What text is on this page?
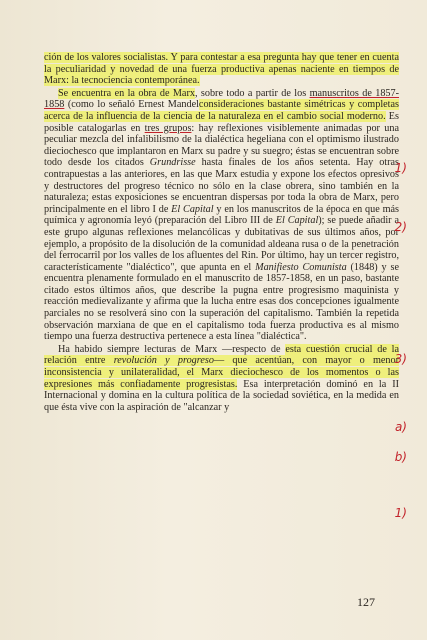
ción de los valores socialistas. Y para contestar a esa pregunta hay que tener en cuenta la peculiaridad y novedad de una fuerza productiva apenas naciente en tiempos de Marx: la tecnociencia contemporánea.

Se encuentra en la obra de Marx, sobre todo a partir de los manuscritos de 1857-1858 (como lo señaló Ernest Mandelconsideraciones bastante simétricas y completas acerca de la influencia de la ciencia de la naturaleza en el cambio social moderno. Es posible catalogarlas en tres grupos: hay reflexiones visiblemente animadas por una peculiar mezcla del infalibilismo de la dialéctica hegeliana con el optimismo ilustrado dieciochesco que implantaron en Marx su padre y su suegro; éstas se encuentran sobre todo desde los citados Grundrisse hasta finales de los años setenta. Hay otras contrapuestas a las anteriores, en las que Marx estudia y expone los efectos opresivos y destructores del progreso técnico no sólo en la clase obrera, sino también en la naturaleza; estas exposiciones se encuentran dispersas por toda la obra de Marx, pero principalmente en el libro I de El Capital y en los manuscritos de la época en que más química y agronomía leyó (preparación del Libro III de El Capital); se puede añadir a este grupo algunas reflexiones melancólicas y dubitativas de sus últimos años, por ejemplo, a propósito de la disolución de la comunidad aldeana rusa o de la penetración del ferrocarril por los valles de los afluentes del Rin. Por último, hay un tercer registro, característicamente "dialéctico", que apunta en el Manifiesto Comunista (1848) y se encuentra plenamente formulado en el manuscrito de 1857-1858, en un paso, bastante citado estos últimos años, que describe la pugna entre progresismo maquinista y reacción medievalizante y afirma que la lucha entre esas dos concepciones igualmente parciales no se resolverá sino con la superación del capitalismo. También la repetida observación marxiana de que en el capitalismo toda fuerza productiva es al mismo tiempo una fuerza destructiva pertenece a esta línea "dialéctica".

Ha habido siempre lecturas de Marx —respecto de esta cuestión crucial de la relación entre revolución y progreso— que acentúan, con mayor o menor inconsistencia y unilateralidad, el Marx dieciochesco de los momentos o las expresiones más confiadamente progresistas. Esa interpretación dominó en la II Internacional y domina en la cultura política de la sociedad soviética, en la medida en que ésta vive con la aspiración de "alcanzar y

1)
2)
3)
a)
b)
1)
127
